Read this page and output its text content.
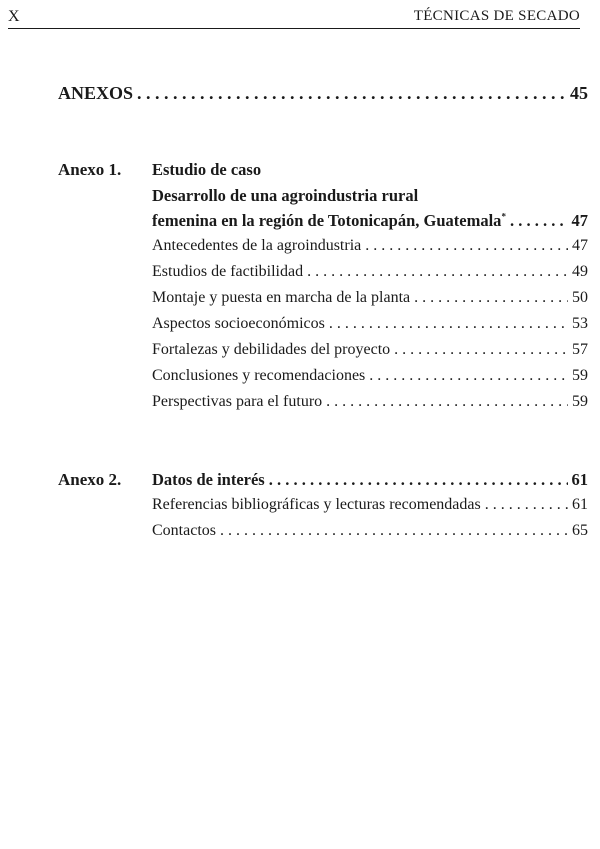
X	TÉCNICAS DE SECADO
ANEXOS . . .	45
Anexo 1. Estudio de caso
Desarrollo de una agroindustria rural
femenina en la región de Totonicapán, Guatemala* . . .	47
Antecedentes de la agroindustria . . .	47
Estudios de factibilidad . . .	49
Montaje y puesta en marcha de la planta . . .	50
Aspectos socioeconómicos . . .	53
Fortalezas y debilidades del proyecto . . .	57
Conclusiones y recomendaciones . . .	59
Perspectivas para el futuro . . .	59
Anexo 2. Datos de interés . . .	61
Referencias bibliográficas y lecturas recomendadas . . .	61
Contactos . . .	65
